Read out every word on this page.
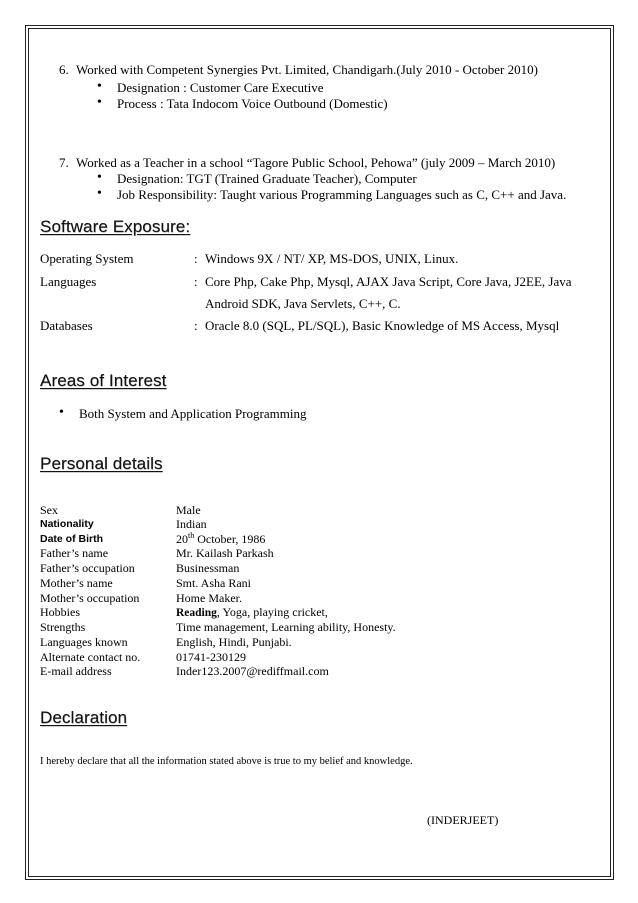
6. Worked with Competent Synergies Pvt. Limited, Chandigarh.(July 2010 - October 2010)
• Designation : Customer Care Executive
• Process : Tata Indocom Voice Outbound (Domestic)
7. Worked as a Teacher in a school “Tagore Public School, Pehowa” (july 2009 – March 2010)
• Designation: TGT (Trained Graduate Teacher), Computer
• Job Responsibility: Taught various Programming Languages such as C, C++ and Java.
Software Exposure:
Operating System	: Windows 9X / NT/ XP, MS-DOS, UNIX, Linux.
Languages	: Core Php, Cake Php, Mysql, AJAX Java Script, Core Java, J2EE, Java
Android SDK, Java Servlets, C++, C.
Databases	: Oracle 8.0 (SQL, PL/SQL), Basic Knowledge of MS Access, Mysql
Areas of Interest
• Both System and Application Programming
Personal details
Sex	Male
Nationality	Indian
Date of Birth	20th October, 1986
Father’s name	Mr. Kailash Parkash
Father’s occupation	Businessman
Mother’s name	Smt. Asha Rani
Mother’s occupation	Home Maker.
Hobbies	Reading, Yoga, playing cricket,
Strengths	Time management, Learning ability, Honesty.
Languages known	English, Hindi, Punjabi.
Alternate contact no.	01741-230129
E-mail address	Inder123.2007@rediffmail.com
Declaration
I hereby declare that all the information stated above is true to my belief and knowledge.
(INDERJEET)
